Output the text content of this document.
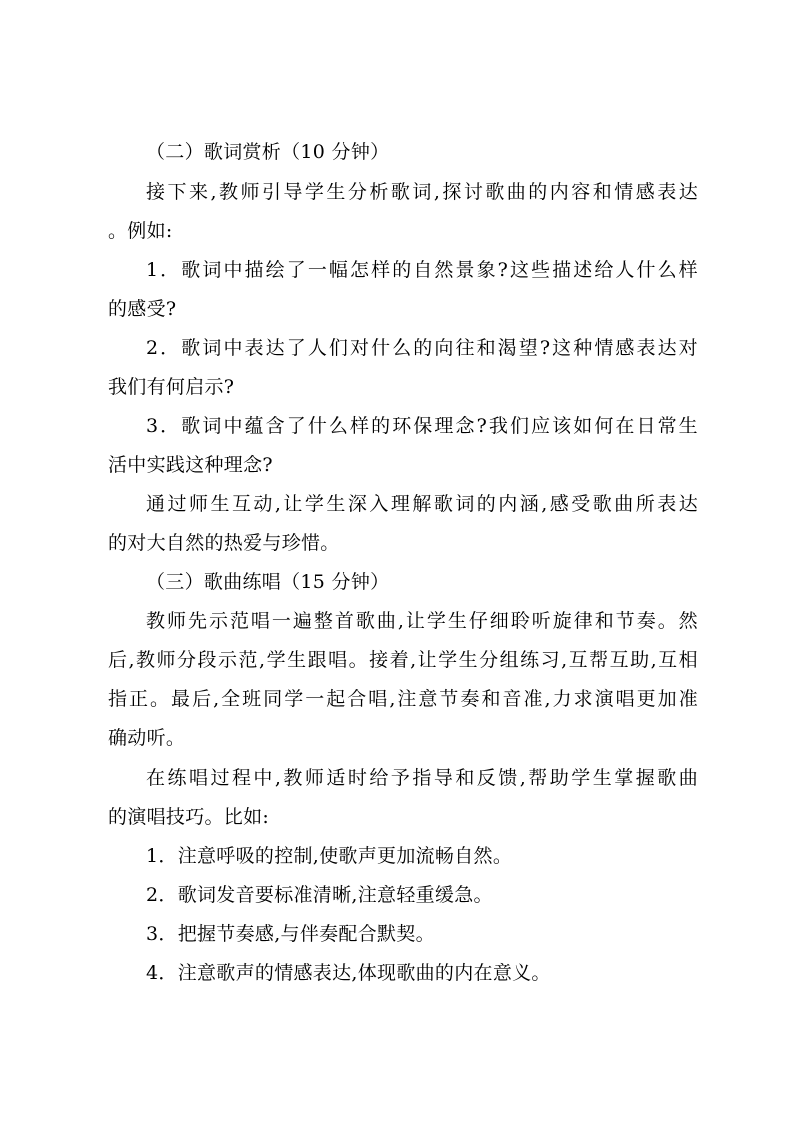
（二）歌词赏析（10 分钟）
接下来,教师引导学生分析歌词,探讨歌曲的内容和情感表达
。例如:
1．歌词中描绘了一幅怎样的自然景象?这些描述给人什么样
的感受?
2．歌词中表达了人们对什么的向往和渴望?这种情感表达对
我们有何启示?
3．歌词中蕴含了什么样的环保理念?我们应该如何在日常生
活中实践这种理念?
通过师生互动,让学生深入理解歌词的内涵,感受歌曲所表达
的对大自然的热爱与珍惜。
（三）歌曲练唱（15 分钟）
教师先示范唱一遍整首歌曲,让学生仔细聆听旋律和节奏。然
后,教师分段示范,学生跟唱。接着,让学生分组练习,互帮互助,互相
指正。最后,全班同学一起合唱,注意节奏和音准,力求演唱更加准
确动听。
在练唱过程中,教师适时给予指导和反馈,帮助学生掌握歌曲
的演唱技巧。比如:
1．注意呼吸的控制,使歌声更加流畅自然。
2．歌词发音要标准清晰,注意轻重缓急。
3．把握节奏感,与伴奏配合默契。
4．注意歌声的情感表达,体现歌曲的内在意义。
